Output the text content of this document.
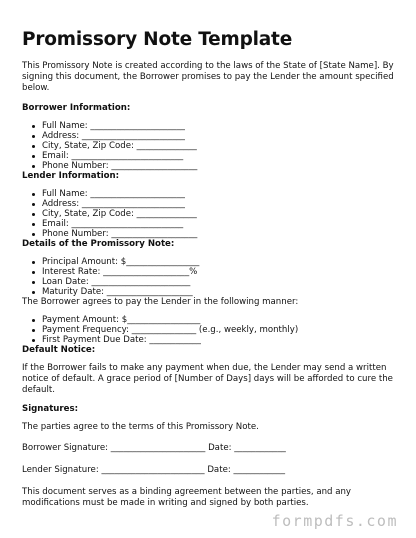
Promissory Note Template

This Promissory Note is created according to the laws of the State of [State Name]. By signing this document, the Borrower promises to pay the Lender the amount specified below.

Borrower Information:
Full Name: ______________________
Address: ________________________
City, State, Zip Code: ______________
Email: __________________________
Phone Number: ____________________
Lender Information:
Full Name: ______________________
Address: ________________________
City, State, Zip Code: ______________
Email: __________________________
Phone Number: ____________________
Details of the Promissory Note:
Principal Amount: $_________________
Interest Rate: ____________________%
Loan Date: _______________________
Maturity Date: ____________________

The Borrower agrees to pay the Lender in the following manner:

Payment Amount: $_________________
Payment Frequency: _______________ (e.g., weekly, monthly)
First Payment Due Date: ____________
Default Notice:

If the Borrower fails to make any payment when due, the Lender may send a written notice of default. A grace period of [Number of Days] days will be afforded to cure the default.

Signatures:

The parties agree to the terms of this Promissory Note.

Borrower Signature: ______________________ Date: ____________

Lender Signature: ________________________ Date: ____________

This document serves as a binding agreement between the parties, and any modifications must be made in writing and signed by both parties.

formpdfs.com
